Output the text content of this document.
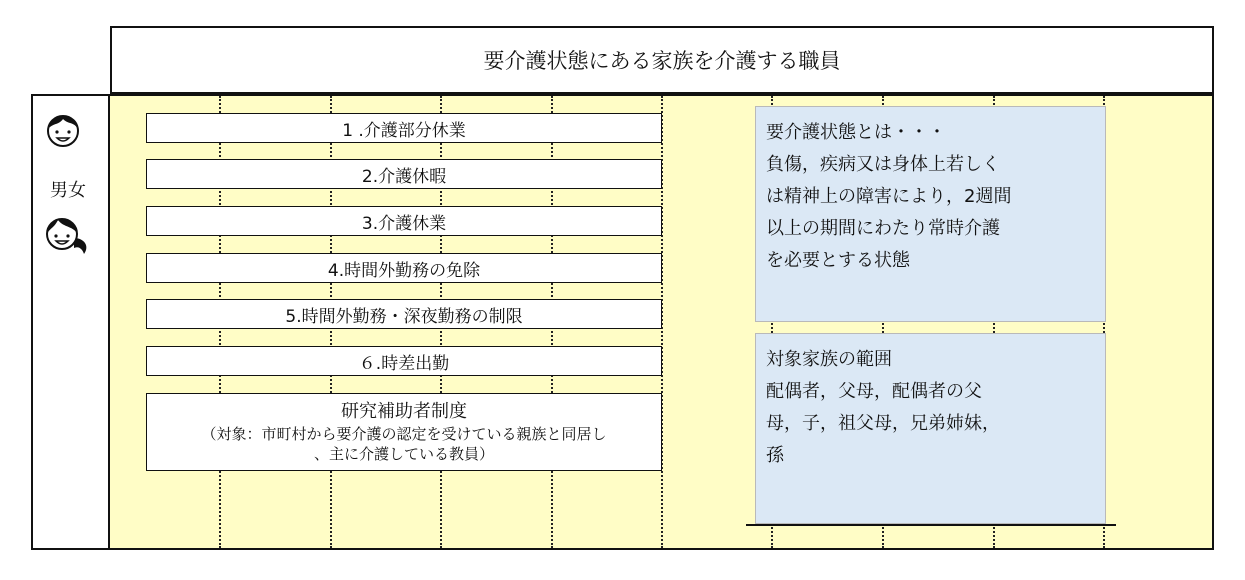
要介護状態にある家族を介護する職員
男女
1 .介護部分休業
2.介護休暇
3.介護休業
4.時間外勤務の免除
5.時間外勤務・深夜勤務の制限
６.時差出勤
研究補助者制度
（対象：市町村から要介護の認定を受けている親族と同居し
、主に介護している教員）
要介護状態とは・・・
負傷，疾病又は身体上若しく
は精神上の障害により，2週間
以上の期間にわたり常時介護
を必要とする状態
対象家族の範囲
配偶者，父母，配偶者の父
母，子，祖父母，兄弟姉妹，
孫
